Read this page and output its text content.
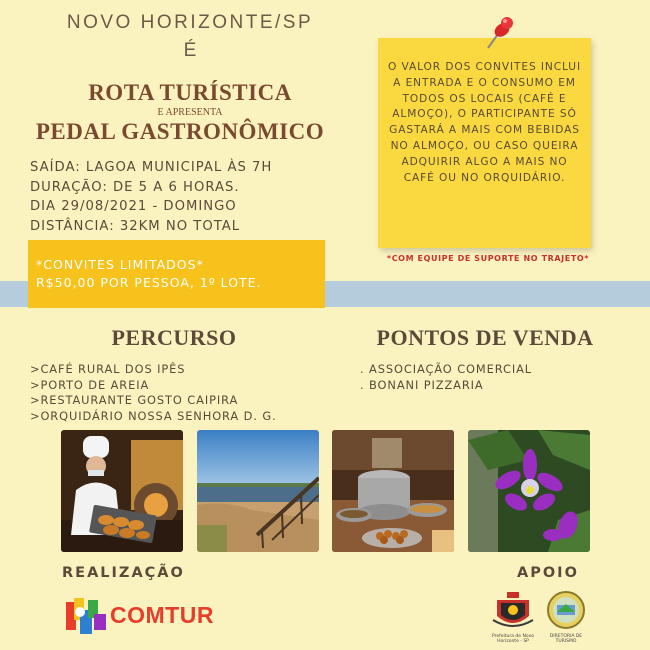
NOVO HORIZONTE/SP
É
ROTA TURÍSTICA
E APRESENTA
PEDAL GASTRONÔMICO
SAÍDA: LAGOA MUNICIPAL ÀS 7H
DURAÇÃO: DE 5 A 6 HORAS.
DIA 29/08/2021 - DOMINGO
DISTÂNCIA: 32KM NO TOTAL
*CONVITES LIMITADOS*
R$50,00 POR PESSOA, 1º LOTE.
O VALOR DOS CONVITES INCLUI A ENTRADA E O CONSUMO EM TODOS OS LOCAIS (CAFÉ E ALMOÇO), O PARTICIPANTE SÓ GASTARÁ A MAIS COM BEBIDAS NO ALMOÇO, OU CASO QUEIRA ADQUIRIR ALGO A MAIS NO CAFÉ OU NO ORQUIDÁRIO.
*COM EQUIPE DE SUPORTE NO TRAJETO*
PERCURSO	PONTOS DE VENDA
>CAFÉ RURAL DOS IPÊS
>PORTO DE AREIA
>RESTAURANTE GOSTO CAIPIRA
>ORQUIDÁRIO NOSSA SENHORA D. G.
. ASSOCIAÇÃO COMERCIAL
. BONANI PIZZARIA
REALIZAÇÃO	APOIO
COMTUR
Prefeitura de Novo Horizonte - SP
DIRETORIA DE TURISMO
